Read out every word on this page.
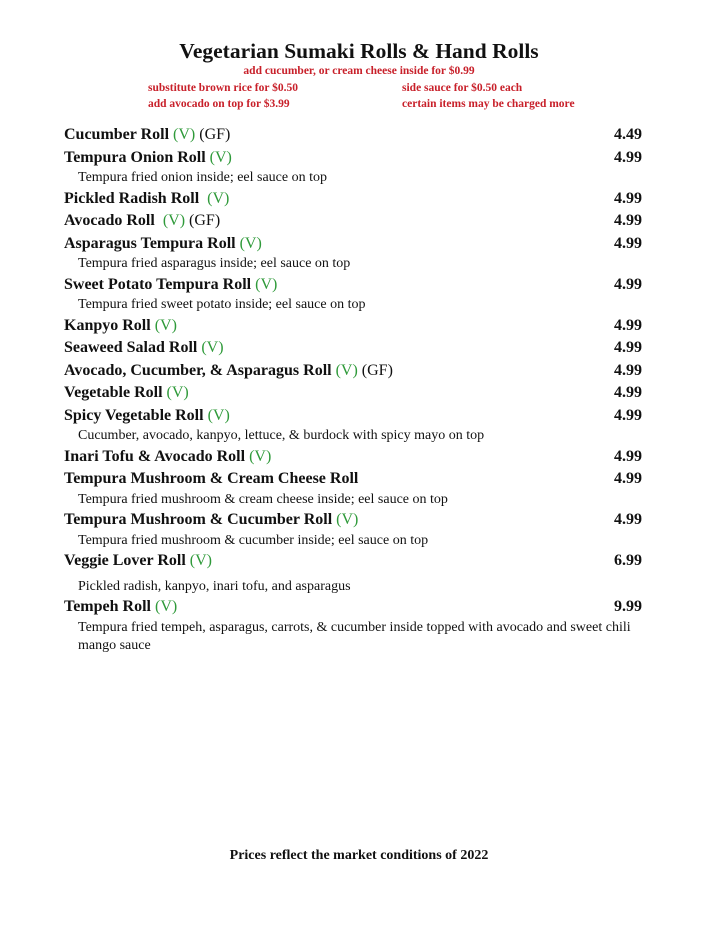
Vegetarian Sumaki Rolls & Hand Rolls
add cucumber, or cream cheese inside for $0.99
substitute brown rice for $0.50
add avocado on top for $3.99
side sauce for $0.50 each
certain items may be charged more
Cucumber Roll (V) (GF)	4.49
Tempura Onion Roll (V)	4.99
Tempura fried onion inside; eel sauce on top
Pickled Radish Roll  (V)	4.99
Avocado Roll  (V) (GF)	4.99
Asparagus Tempura Roll (V)	4.99
Tempura fried asparagus inside; eel sauce on top
Sweet Potato Tempura Roll (V)	4.99
Tempura fried sweet potato inside; eel sauce on top
Kanpyo Roll (V)	4.99
Seaweed Salad Roll (V)	4.99
Avocado, Cucumber, & Asparagus Roll (V) (GF)	4.99
Vegetable Roll (V)	4.99
Spicy Vegetable Roll (V)	4.99
Cucumber, avocado, kanpyo, lettuce, & burdock with spicy mayo on top
Inari Tofu & Avocado Roll (V)	4.99
Tempura Mushroom & Cream Cheese Roll	4.99
Tempura fried mushroom & cream cheese inside; eel sauce on top
Tempura Mushroom & Cucumber Roll (V)	4.99
Tempura fried mushroom & cucumber inside; eel sauce on top
Veggie Lover Roll (V)	6.99
Pickled radish, kanpyo, inari tofu, and asparagus
Tempeh Roll (V)	9.99
Tempura fried tempeh, asparagus, carrots, & cucumber inside topped with avocado and sweet chili mango sauce
Prices reflect the market conditions of 2022
